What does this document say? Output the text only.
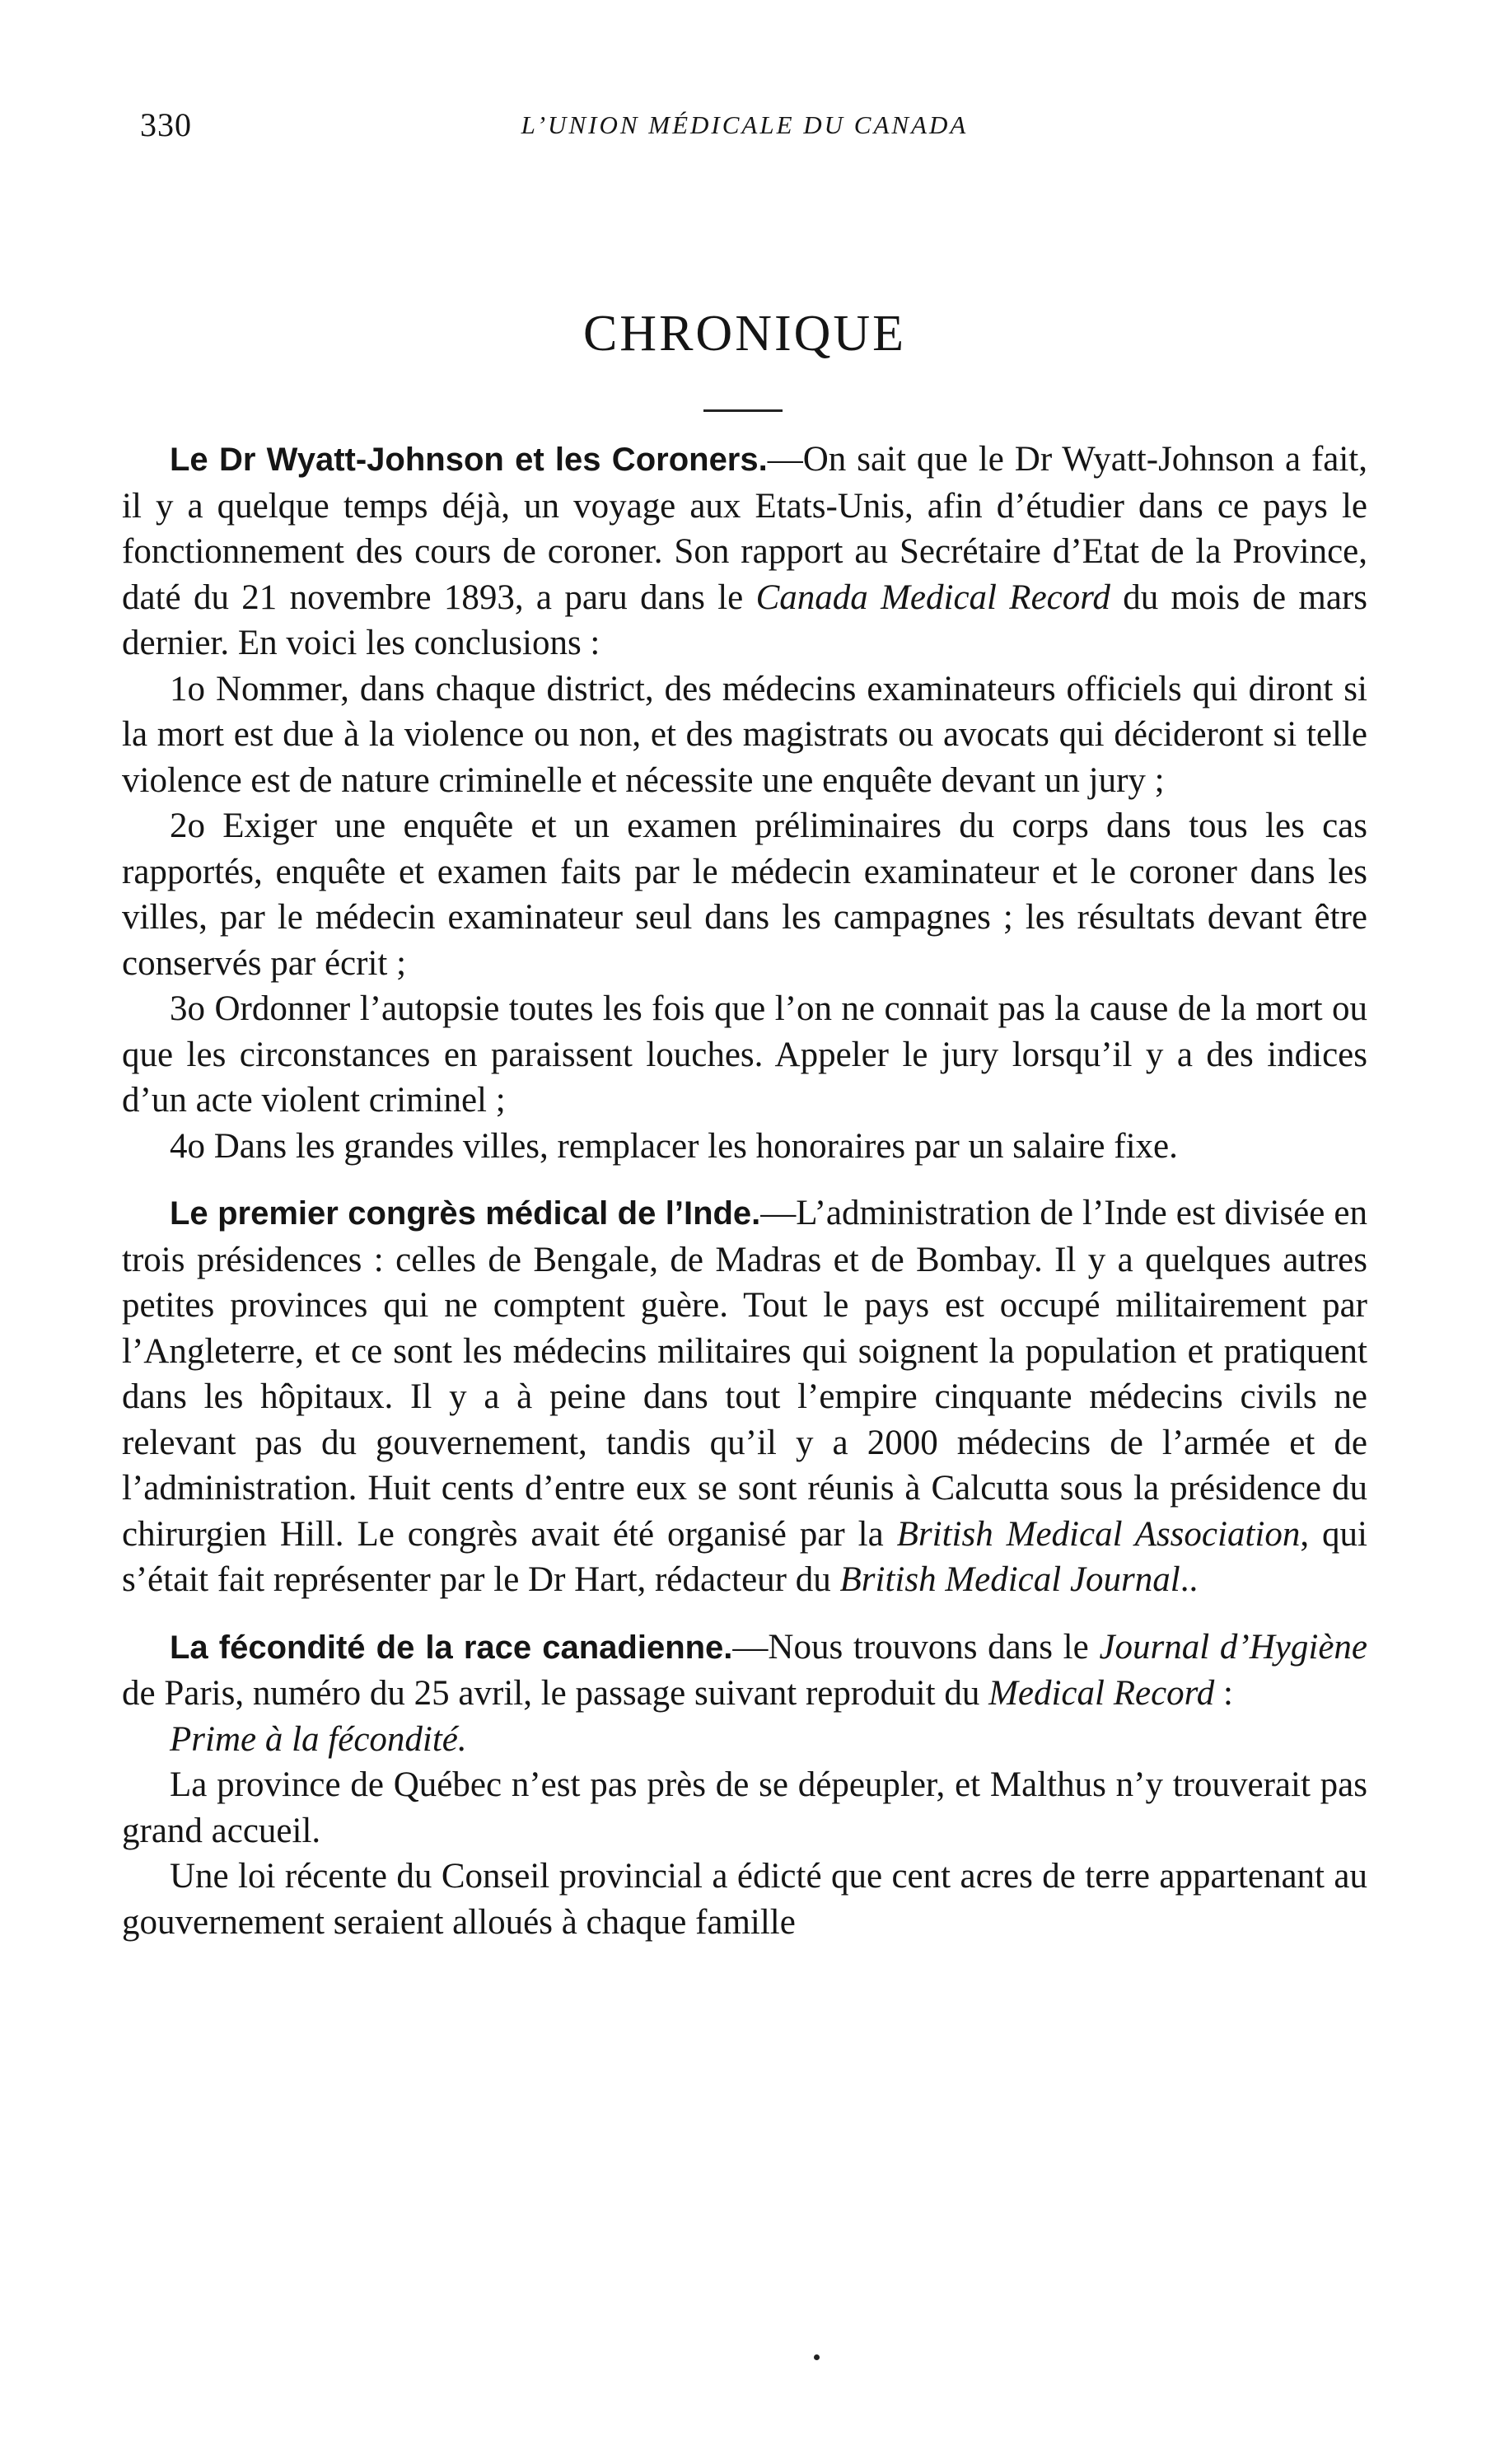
330	L’UNION MÉDICALE DU CANADA
CHRONIQUE

Le Dr Wyatt-Johnson et les Coroners.—On sait que le Dr Wyatt-Johnson a fait, il y a quelque temps déjà, un voyage aux Etats-Unis, afin d’étudier dans ce pays le fonctionnement des cours de coroner. Son rapport au Secrétaire d’Etat de la Province, daté du 21 novembre 1893, a paru dans le Canada Medical Record du mois de mars dernier. En voici les conclusions :

1o Nommer, dans chaque district, des médecins examinateurs officiels qui diront si la mort est due à la violence ou non, et des magistrats ou avocats qui décideront si telle violence est de nature criminelle et nécessite une enquête devant un jury ;

2o Exiger une enquête et un examen préliminaires du corps dans tous les cas rapportés, enquête et examen faits par le médecin examinateur et le coroner dans les villes, par le médecin examinateur seul dans les campagnes ; les résultats devant être conservés par écrit ;

3o Ordonner l’autopsie toutes les fois que l’on ne connait pas la cause de la mort ou que les circonstances en paraissent louches. Appeler le jury lorsqu’il y a des indices d’un acte violent criminel ;

4o Dans les grandes villes, remplacer les honoraires par un salaire fixe.

Le premier congrès médical de l’Inde.—L’administration de l’Inde est divisée en trois présidences : celles de Bengale, de Madras et de Bombay. Il y a quelques autres petites provinces qui ne comptent guère. Tout le pays est occupé militairement par l’Angleterre, et ce sont les médecins militaires qui soignent la population et pratiquent dans les hôpitaux. Il y a à peine dans tout l’empire cinquante médecins civils ne relevant pas du gouvernement, tandis qu’il y a 2000 médecins de l’armée et de l’administration. Huit cents d’entre eux se sont réunis à Calcutta sous la présidence du chirurgien Hill. Le congrès avait été organisé par la British Medical Association, qui s’était fait représenter par le Dr Hart, rédacteur du British Medical Journal..

La fécondité de la race canadienne.—Nous trouvons dans le Journal d’Hygiène de Paris, numéro du 25 avril, le passage suivant reproduit du Medical Record :

Prime à la fécondité.

La province de Québec n’est pas près de se dépeupler, et Malthus n’y trouverait pas grand accueil.

Une loi récente du Conseil provincial a édicté que cent acres de terre appartenant au gouvernement seraient alloués à chaque famille
